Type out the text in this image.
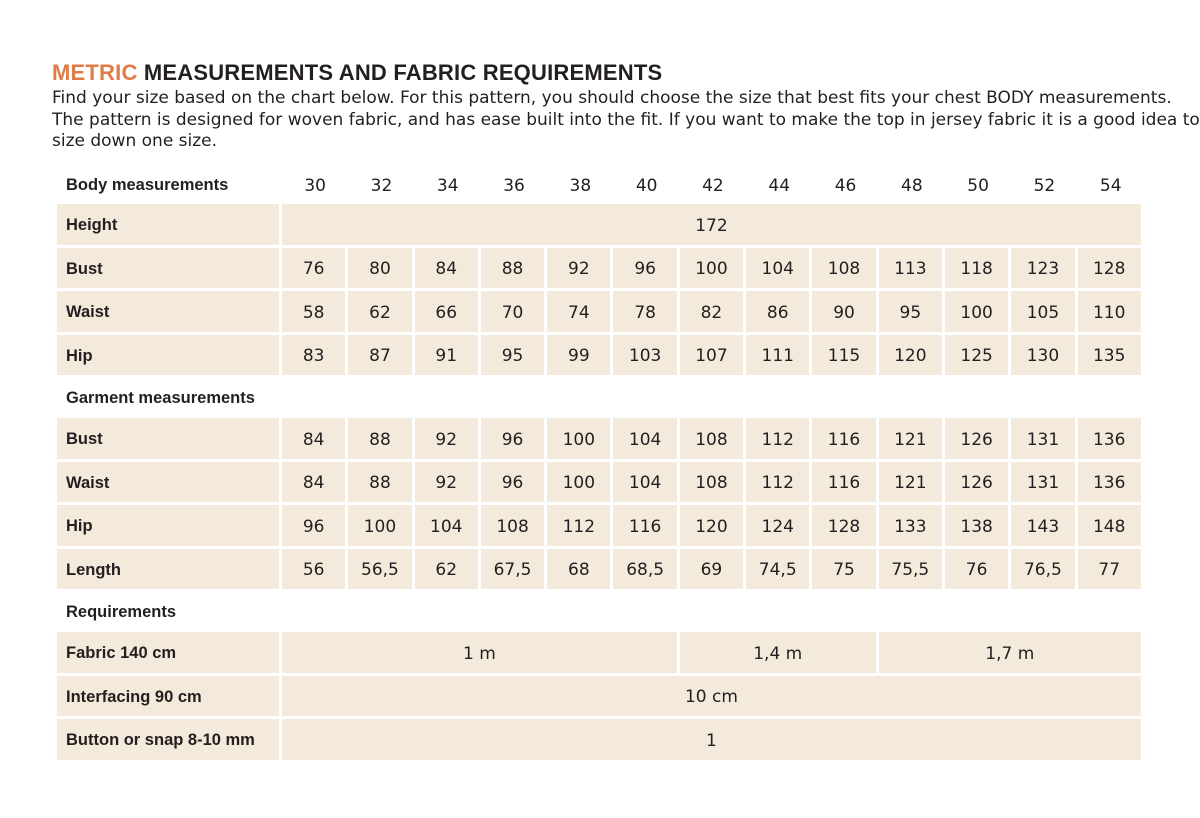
METRIC MEASUREMENTS AND FABRIC REQUIREMENTS

Find your size based on the chart below. For this pattern, you should choose the size that best fits your chest BODY measurements.

The pattern is designed for woven fabric, and has ease built into the fit. If you want to make the top in jersey fabric it is a good idea to

size down one size.

Body measurements	30	32	34	36	38	40	42	44	46	48	50	52	54
Height	172
Bust	76	80	84	88	92	96	100	104	108	113	118	123	128
Waist	58	62	66	70	74	78	82	86	90	95	100	105	110
Hip	83	87	91	95	99	103	107	111	115	120	125	130	135
Garment measurements
Bust	84	88	92	96	100	104	108	112	116	121	126	131	136
Waist	84	88	92	96	100	104	108	112	116	121	126	131	136
Hip	96	100	104	108	112	116	120	124	128	133	138	143	148
Length	56	56,5	62	67,5	68	68,5	69	74,5	75	75,5	76	76,5	77
Requirements
Fabric 140 cm	1 m	1,4 m	1,7 m
Interfacing 90 cm	10 cm
Button or snap 8-10 mm	1
